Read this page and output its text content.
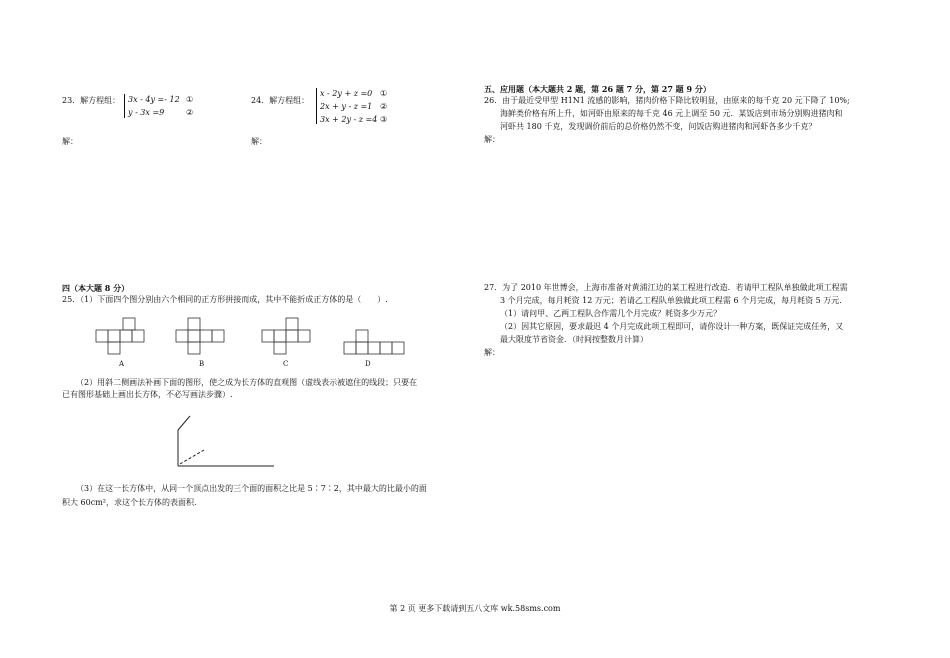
23．解方程组： 3x - 4y =- 12
y - 3x =9
①
②
解：
24．解方程组：
x - 2y + z =0
2x + y - z =1
3x + 2y - z =4
①
②
③
解：
四（本大题 8 分）
25．（1）下面四个图分别由六个相同的正方形拼接而成，其中不能折成正方体的是（　　）.
A	B	C	D
（2）用斜二侧画法补画下面的图形，使之成为长方体的直观图（虚线表示被遮住的线段；只要在
已有图形基础上画出长方体，不必写画法步骤）.
（3）在这一长方体中，从同一个顶点出发的三个面的面积之比是 5∶7∶2，其中最大的比最小的面
积大 60cm²，求这个长方体的表面积.
五、应用题（本大题共 2 题，第 26 题 7 分，第 27 题 9 分）
26．由于最近受甲型 H1N1 流感的影响，猪肉价格下降比较明显，由原来的每千克 20 元下降了 10%;
海鲜类价格有所上升，如河虾由原来的每千克 46 元上调至 50 元．某饭店到市场分别购进猪肉和
河虾共 180 千克，发现调价前后的总价格仍然不变，问饭店购进猪肉和河虾各多少千克？
解：
27．为了 2010 年世博会，上海市准备对黄浦江边的某工程进行改造．若请甲工程队单独做此项工程需
3 个月完成，每月耗资 12 万元；若请乙工程队单独做此项工程需 6 个月完成，每月耗资 5 万元.
（1）请问甲、乙两工程队合作需几个月完成？耗资多少万元？
（2）因其它原因，要求最迟 4 个月完成此项工程即可，请你设计一种方案，既保证完成任务，又
最大限度节省资金．（时间按整数月计算）
解：
第 2 页 更多下载请到五八文库 wk.58sms.com
